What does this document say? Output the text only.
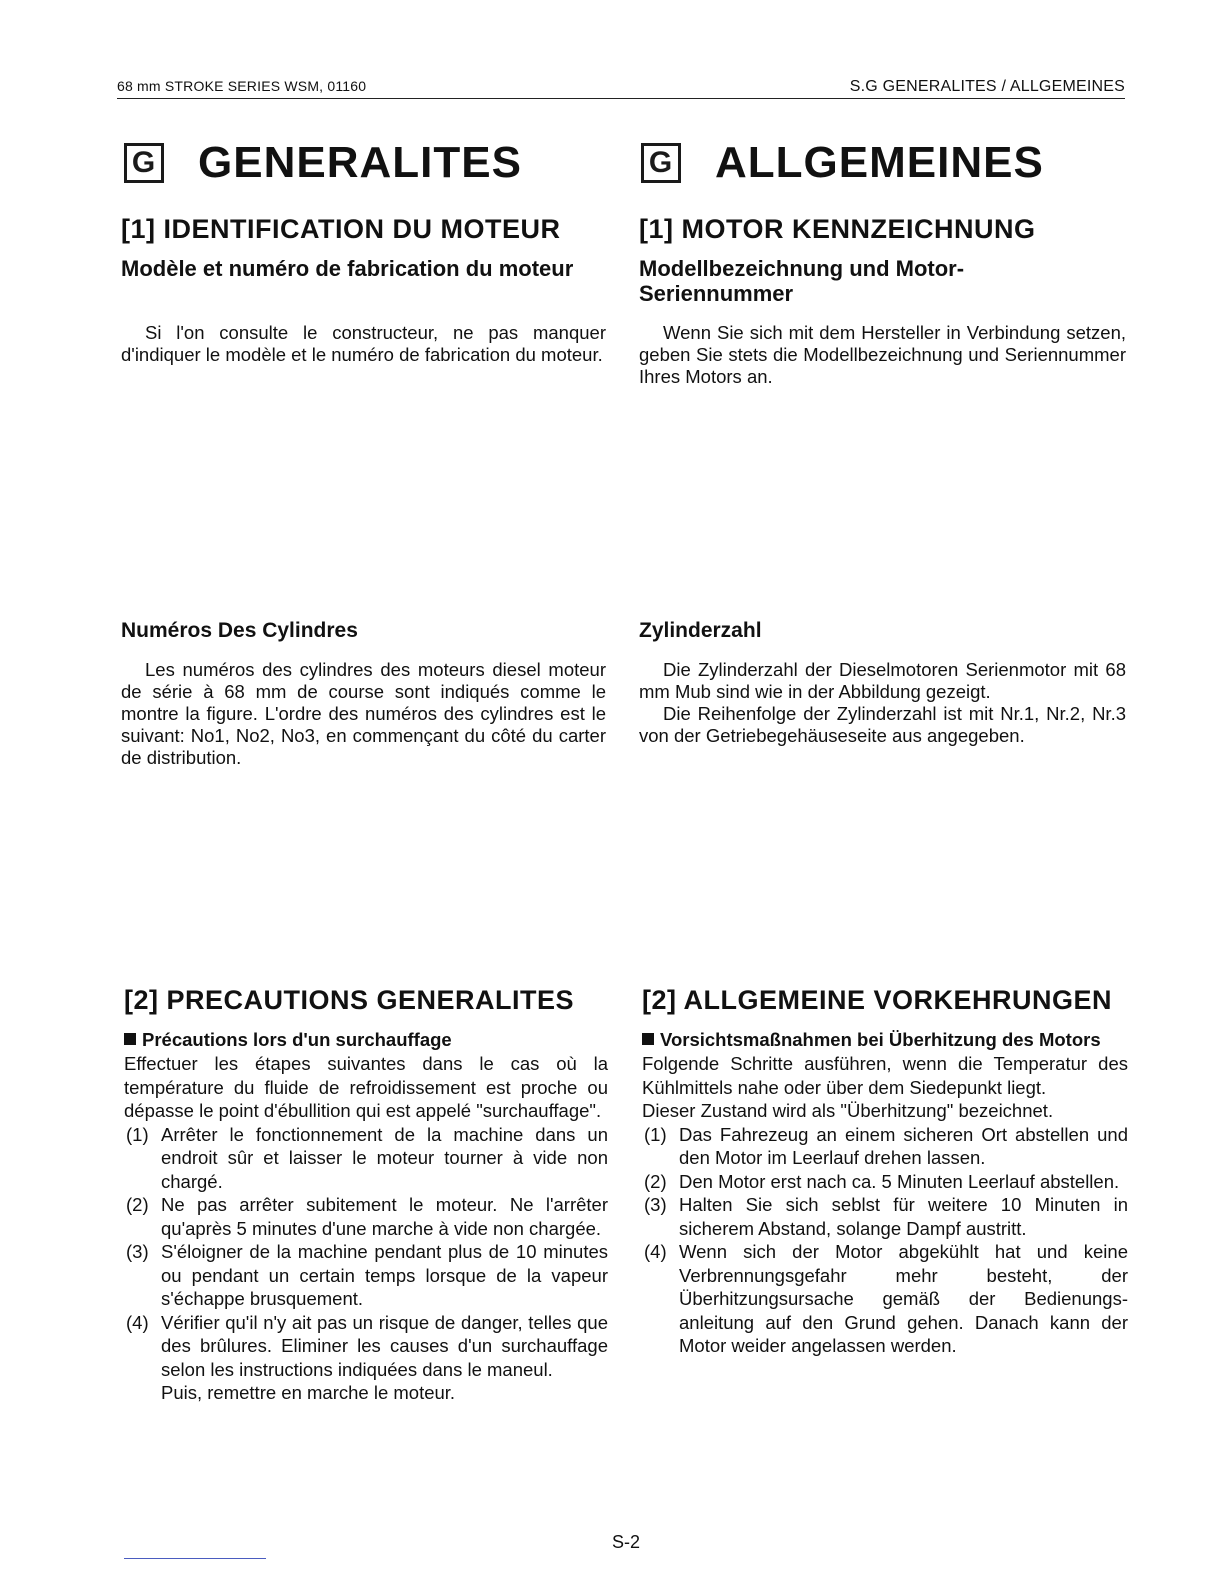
68 mm STROKE SERIES WSM, 01160	S.G GENERALITES / ALLGEMEINES
G GENERALITES	G ALLGEMEINES
[1] IDENTIFICATION DU MOTEUR
Modèle et numéro de fabrication du moteur
Si l'on consulte le constructeur, ne pas manquer d'indiquer le modèle et le numéro de fabrication du moteur.
[1] MOTOR KENNZEICHNUNG
Modellbezeichnung und Motor-Seriennummer
Wenn Sie sich mit dem Hersteller in Verbindung setzen, geben Sie stets die Modellbezeichnung und Seriennummer Ihres Motors an.
Numéros Des Cylindres
Les numéros des cylindres des moteurs diesel moteur de série à 68 mm de course sont indiqués comme le montre la figure. L'ordre des numéros des cylindres est le suivant: No1, No2, No3, en commençant du côté du carter de distribution.
Zylinderzahl
Die Zylinderzahl der Dieselmotoren Serienmotor mit 68 mm Mub sind wie in der Abbildung gezeigt.
Die Reihenfolge der Zylinderzahl ist mit Nr.1, Nr.2, Nr.3 von der Getriebegehäuseseite aus angegeben.
[2] PRECAUTIONS GENERALITES
Précautions lors d'un surchauffage
Effectuer les étapes suivantes dans le cas où la température du fluide de refroidissement est proche ou dépasse le point d'ébullition qui est appelé "surchauffage".
(1) Arrêter le fonctionnement de la machine dans un endroit sûr et laisser le moteur tourner à vide non chargé.
(2) Ne pas arrêter subitement le moteur. Ne l'arrêter qu'après 5 minutes d'une marche à vide non chargée.
(3) S'éloigner de la machine pendant plus de 10 minutes ou pendant un certain temps lorsque de la vapeur s'échappe brusquement.
(4) Vérifier qu'il n'y ait pas un risque de danger, telles que des brûlures. Eliminer les causes d'un surchauffage selon les instructions indiquées dans le maneul.
Puis, remettre en marche le moteur.
[2] ALLGEMEINE VORKEHRUNGEN
Vorsichtsmaßnahmen bei Überhitzung des Motors
Folgende Schritte ausführen, wenn die Temperatur des Kühlmittels nahe oder über dem Siedepunkt liegt.
Dieser Zustand wird als "Überhitzung" bezeichnet.
(1) Das Fahrezeug an einem sicheren Ort abstellen und den Motor im Leerlauf drehen lassen.
(2) Den Motor erst nach ca. 5 Minuten Leerlauf abstellen.
(3) Halten Sie sich seblst für weitere 10 Minuten in sicherem Abstand, solange Dampf austritt.
(4) Wenn sich der Motor abgekühlt hat und keine Verbrennungsgefahr mehr besteht, der Überhitzungsursache gemäß der Bedienungs-anleitung auf den Grund gehen. Danach kann der Motor weider angelassen werden.
S-2
